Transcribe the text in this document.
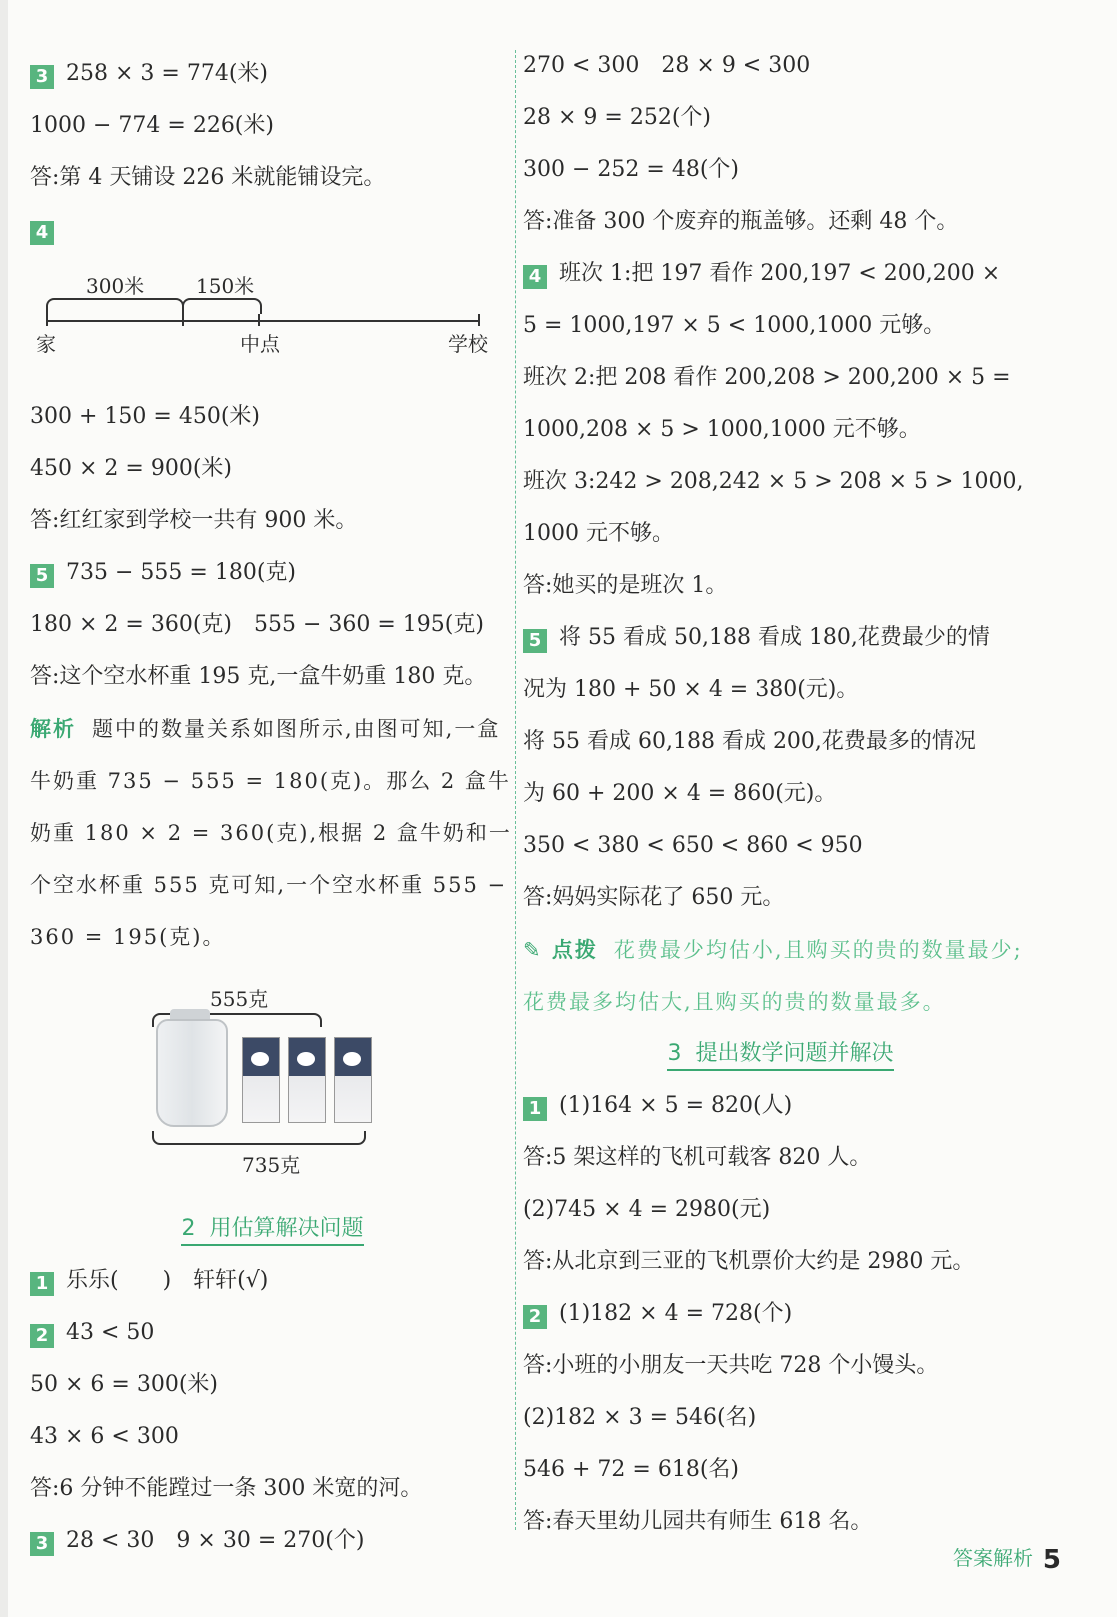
3 258 × 3 = 774(米)
1000 − 774 = 226(米)
答:第 4 天铺设 226 米就能铺设完。
4
300米	150米
家	中点	学校
300 + 150 = 450(米)
450 × 2 = 900(米)
答:红红家到学校一共有 900 米。
5 735 − 555 = 180(克)
180 × 2 = 360(克)　555 − 360 = 195(克)
答:这个空水杯重 195 克,一盒牛奶重 180 克。
解析 题中的数量关系如图所示,由图可知,一盒牛奶重 735 − 555 = 180(克)。那么 2 盒牛奶重 180 × 2 = 360(克),根据 2 盒牛奶和一个空水杯重 555 克可知,一个空水杯重 555 − 360 = 195(克)。
555克
735克
2 用估算解决问题
1 乐乐(　　)　轩轩(√)
2 43 < 50
50 × 6 = 300(米)
43 × 6 < 300
答:6 分钟不能蹚过一条 300 米宽的河。
3 28 < 30　9 × 30 = 270(个)
270 < 300　28 × 9 < 300
28 × 9 = 252(个)
300 − 252 = 48(个)
答:准备 300 个废弃的瓶盖够。还剩 48 个。
4 班次 1:把 197 看作 200,197 < 200,200 ×
5 = 1000,197 × 5 < 1000,1000 元够。
班次 2:把 208 看作 200,208 > 200,200 × 5 =
1000,208 × 5 > 1000,1000 元不够。
班次 3:242 > 208,242 × 5 > 208 × 5 > 1000,
1000 元不够。
答:她买的是班次 1。
5 将 55 看成 50,188 看成 180,花费最少的情
况为 180 + 50 × 4 = 380(元)。
将 55 看成 60,188 看成 200,花费最多的情况
为 60 + 200 × 4 = 860(元)。
350 < 380 < 650 < 860 < 950
答:妈妈实际花了 650 元。
✎ 点拨 花费最少均估小,且购买的贵的数量最少;花费最多均估大,且购买的贵的数量最多。
3 提出数学问题并解决
1 (1)164 × 5 = 820(人)
答:5 架这样的飞机可载客 820 人。
(2)745 × 4 = 2980(元)
答:从北京到三亚的飞机票价大约是 2980 元。
2 (1)182 × 4 = 728(个)
答:小班的小朋友一天共吃 728 个小馒头。
(2)182 × 3 = 546(名)
546 + 72 = 618(名)
答:春天里幼儿园共有师生 618 名。
答案解析 5
